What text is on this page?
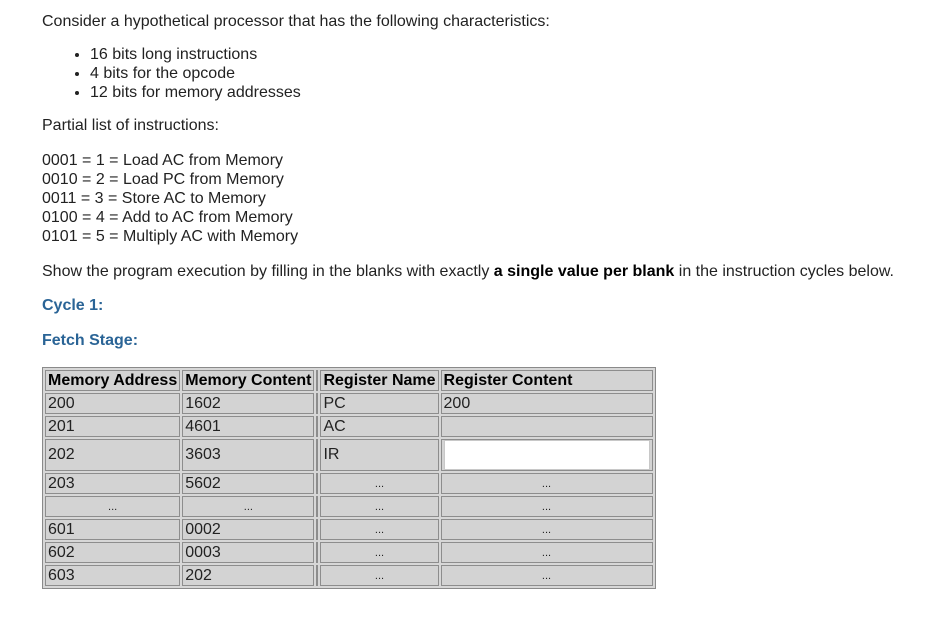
Consider a hypothetical processor that has the following characteristics:

• 16 bits long instructions
• 4 bits for the opcode
• 12 bits for memory addresses

Partial list of instructions:

0001 = 1 = Load AC from Memory
0010 = 2 = Load PC from Memory
0011 = 3 = Store AC to Memory
0100 = 4 = Add to AC from Memory
0101 = 5 = Multiply AC with Memory

Show the program execution by filling in the blanks with exactly a single value per blank in the instruction cycles below.

Cycle 1:

Fetch Stage:

Memory Address	Memory Content		Register Name	Register Content
200	1602		PC	200
201	4601		AC	
202	3603		IR	

203	5602		...	...
...	...		...	...
601	0002		...	...
602	0003		...	...
603	202		...	...
